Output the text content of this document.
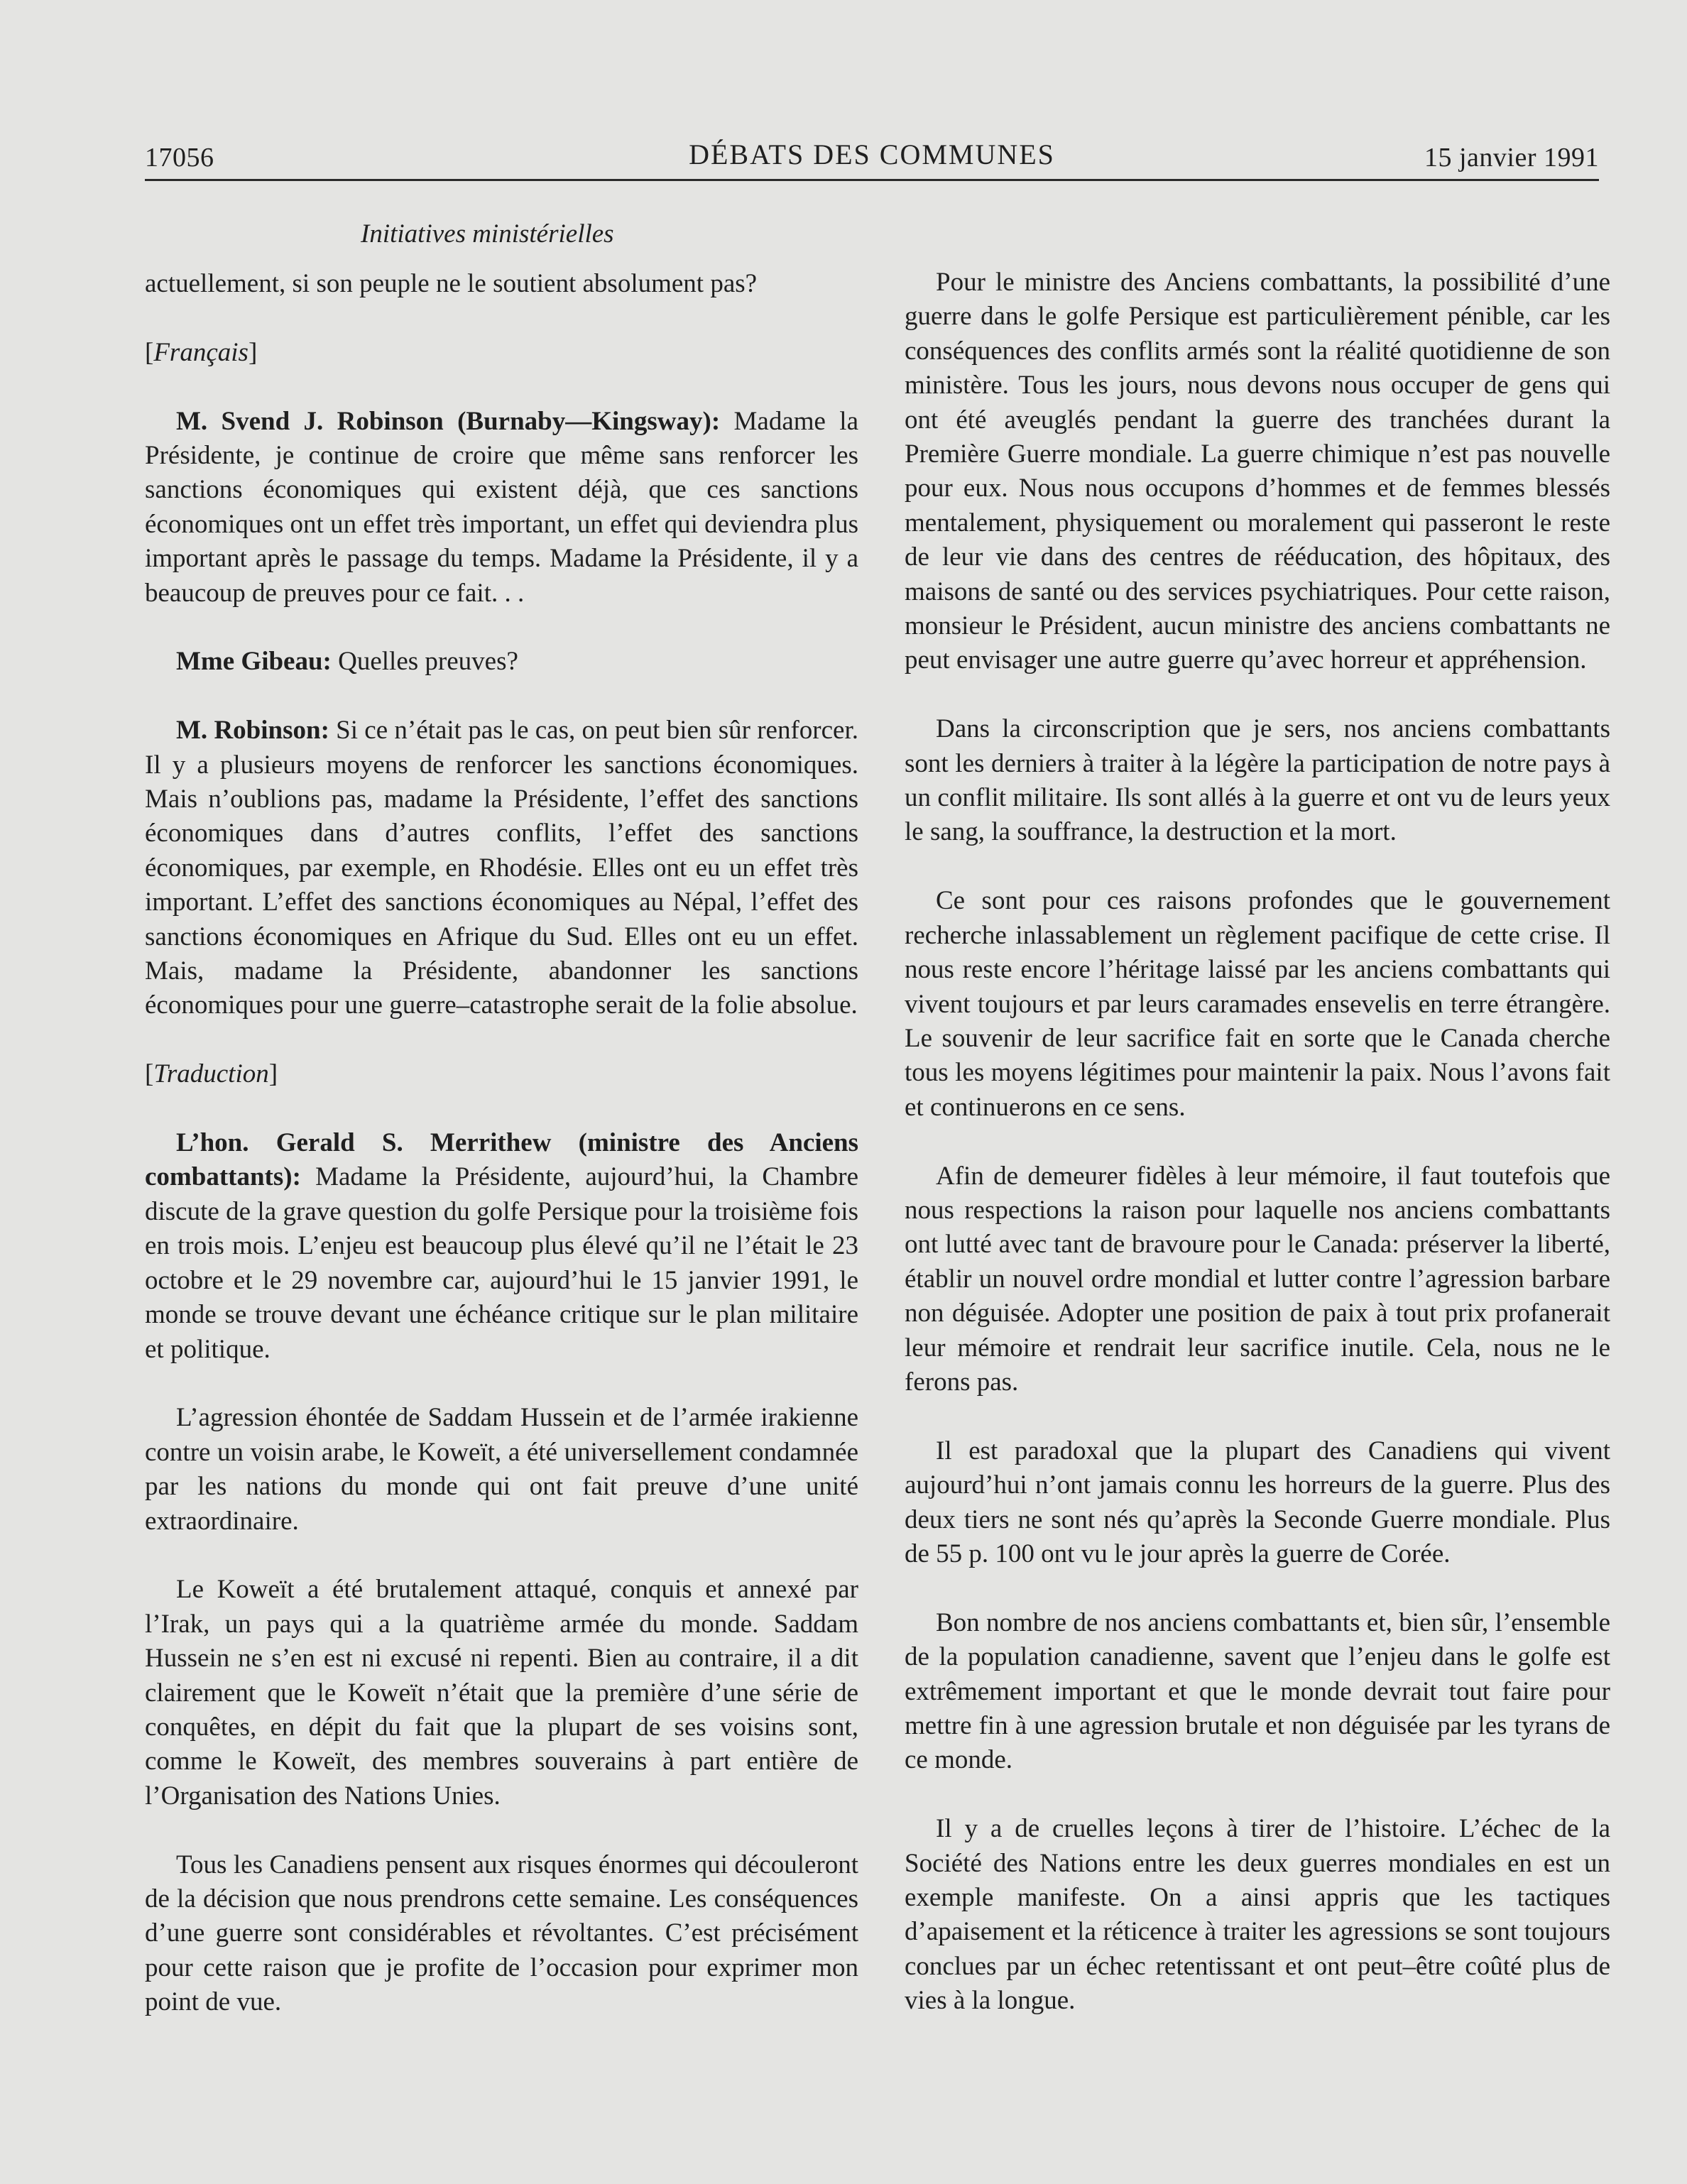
17056	DÉBATS DES COMMUNES	15 janvier 1991
Initiatives ministérielles

actuellement, si son peuple ne le soutient absolument pas?

[Français]

M. Svend J. Robinson (Burnaby—Kingsway): Madame la Présidente, je continue de croire que même sans renforcer les sanctions économiques qui existent déjà, que ces sanctions économiques ont un effet très important, un effet qui deviendra plus important après le passage du temps. Madame la Présidente, il y a beaucoup de preuves pour ce fait. . .

Mme Gibeau: Quelles preuves?

M. Robinson: Si ce n’était pas le cas, on peut bien sûr renforcer. Il y a plusieurs moyens de renforcer les sanctions économiques. Mais n’oublions pas, madame la Présidente, l’effet des sanctions économiques dans d’autres conflits, l’effet des sanctions économiques, par exemple, en Rhodésie. Elles ont eu un effet très important. L’effet des sanctions économiques au Népal, l’effet des sanctions économiques en Afrique du Sud. Elles ont eu un effet. Mais, madame la Présidente, abandonner les sanctions économiques pour une guerre–catastrophe serait de la folie absolue.

[Traduction]

L’hon. Gerald S. Merrithew (ministre des Anciens combattants): Madame la Présidente, aujourd’hui, la Chambre discute de la grave question du golfe Persique pour la troisième fois en trois mois. L’enjeu est beaucoup plus élevé qu’il ne l’était le 23 octobre et le 29 novembre car, aujourd’hui le 15 janvier 1991, le monde se trouve devant une échéance critique sur le plan militaire et politique.

L’agression éhontée de Saddam Hussein et de l’armée irakienne contre un voisin arabe, le Koweït, a été universellement condamnée par les nations du monde qui ont fait preuve d’une unité extraordinaire.

Le Koweït a été brutalement attaqué, conquis et annexé par l’Irak, un pays qui a la quatrième armée du monde. Saddam Hussein ne s’en est ni excusé ni repenti. Bien au contraire, il a dit clairement que le Koweït n’était que la première d’une série de conquêtes, en dépit du fait que la plupart de ses voisins sont, comme le Koweït, des membres souverains à part entière de l’Organisation des Nations Unies.

Tous les Canadiens pensent aux risques énormes qui découleront de la décision que nous prendrons cette semaine. Les conséquences d’une guerre sont considérables et révoltantes. C’est précisément pour cette raison que je profite de l’occasion pour exprimer mon point de vue.

Pour le ministre des Anciens combattants, la possibilité d’une guerre dans le golfe Persique est particulièrement pénible, car les conséquences des conflits armés sont la réalité quotidienne de son ministère. Tous les jours, nous devons nous occuper de gens qui ont été aveuglés pendant la guerre des tranchées durant la Première Guerre mondiale. La guerre chimique n’est pas nouvelle pour eux. Nous nous occupons d’hommes et de femmes blessés mentalement, physiquement ou moralement qui passeront le reste de leur vie dans des centres de rééducation, des hôpitaux, des maisons de santé ou des services psychiatriques. Pour cette raison, monsieur le Président, aucun ministre des anciens combattants ne peut envisager une autre guerre qu’avec horreur et appréhension.

Dans la circonscription que je sers, nos anciens combattants sont les derniers à traiter à la légère la participation de notre pays à un conflit militaire. Ils sont allés à la guerre et ont vu de leurs yeux le sang, la souffrance, la destruction et la mort.

Ce sont pour ces raisons profondes que le gouvernement recherche inlassablement un règlement pacifique de cette crise. Il nous reste encore l’héritage laissé par les anciens combattants qui vivent toujours et par leurs caramades ensevelis en terre étrangère. Le souvenir de leur sacrifice fait en sorte que le Canada cherche tous les moyens légitimes pour maintenir la paix. Nous l’avons fait et continuerons en ce sens.

Afin de demeurer fidèles à leur mémoire, il faut toutefois que nous respections la raison pour laquelle nos anciens combattants ont lutté avec tant de bravoure pour le Canada: préserver la liberté, établir un nouvel ordre mondial et lutter contre l’agression barbare non déguisée. Adopter une position de paix à tout prix profanerait leur mémoire et rendrait leur sacrifice inutile. Cela, nous ne le ferons pas.

Il est paradoxal que la plupart des Canadiens qui vivent aujourd’hui n’ont jamais connu les horreurs de la guerre. Plus des deux tiers ne sont nés qu’après la Seconde Guerre mondiale. Plus de 55 p. 100 ont vu le jour après la guerre de Corée.

Bon nombre de nos anciens combattants et, bien sûr, l’ensemble de la population canadienne, savent que l’enjeu dans le golfe est extrêmement important et que le monde devrait tout faire pour mettre fin à une agression brutale et non déguisée par les tyrans de ce monde.

Il y a de cruelles leçons à tirer de l’histoire. L’échec de la Société des Nations entre les deux guerres mondiales en est un exemple manifeste. On a ainsi appris que les tactiques d’apaisement et la réticence à traiter les agressions se sont toujours conclues par un échec retentissant et ont peut–être coûté plus de vies à la longue.
